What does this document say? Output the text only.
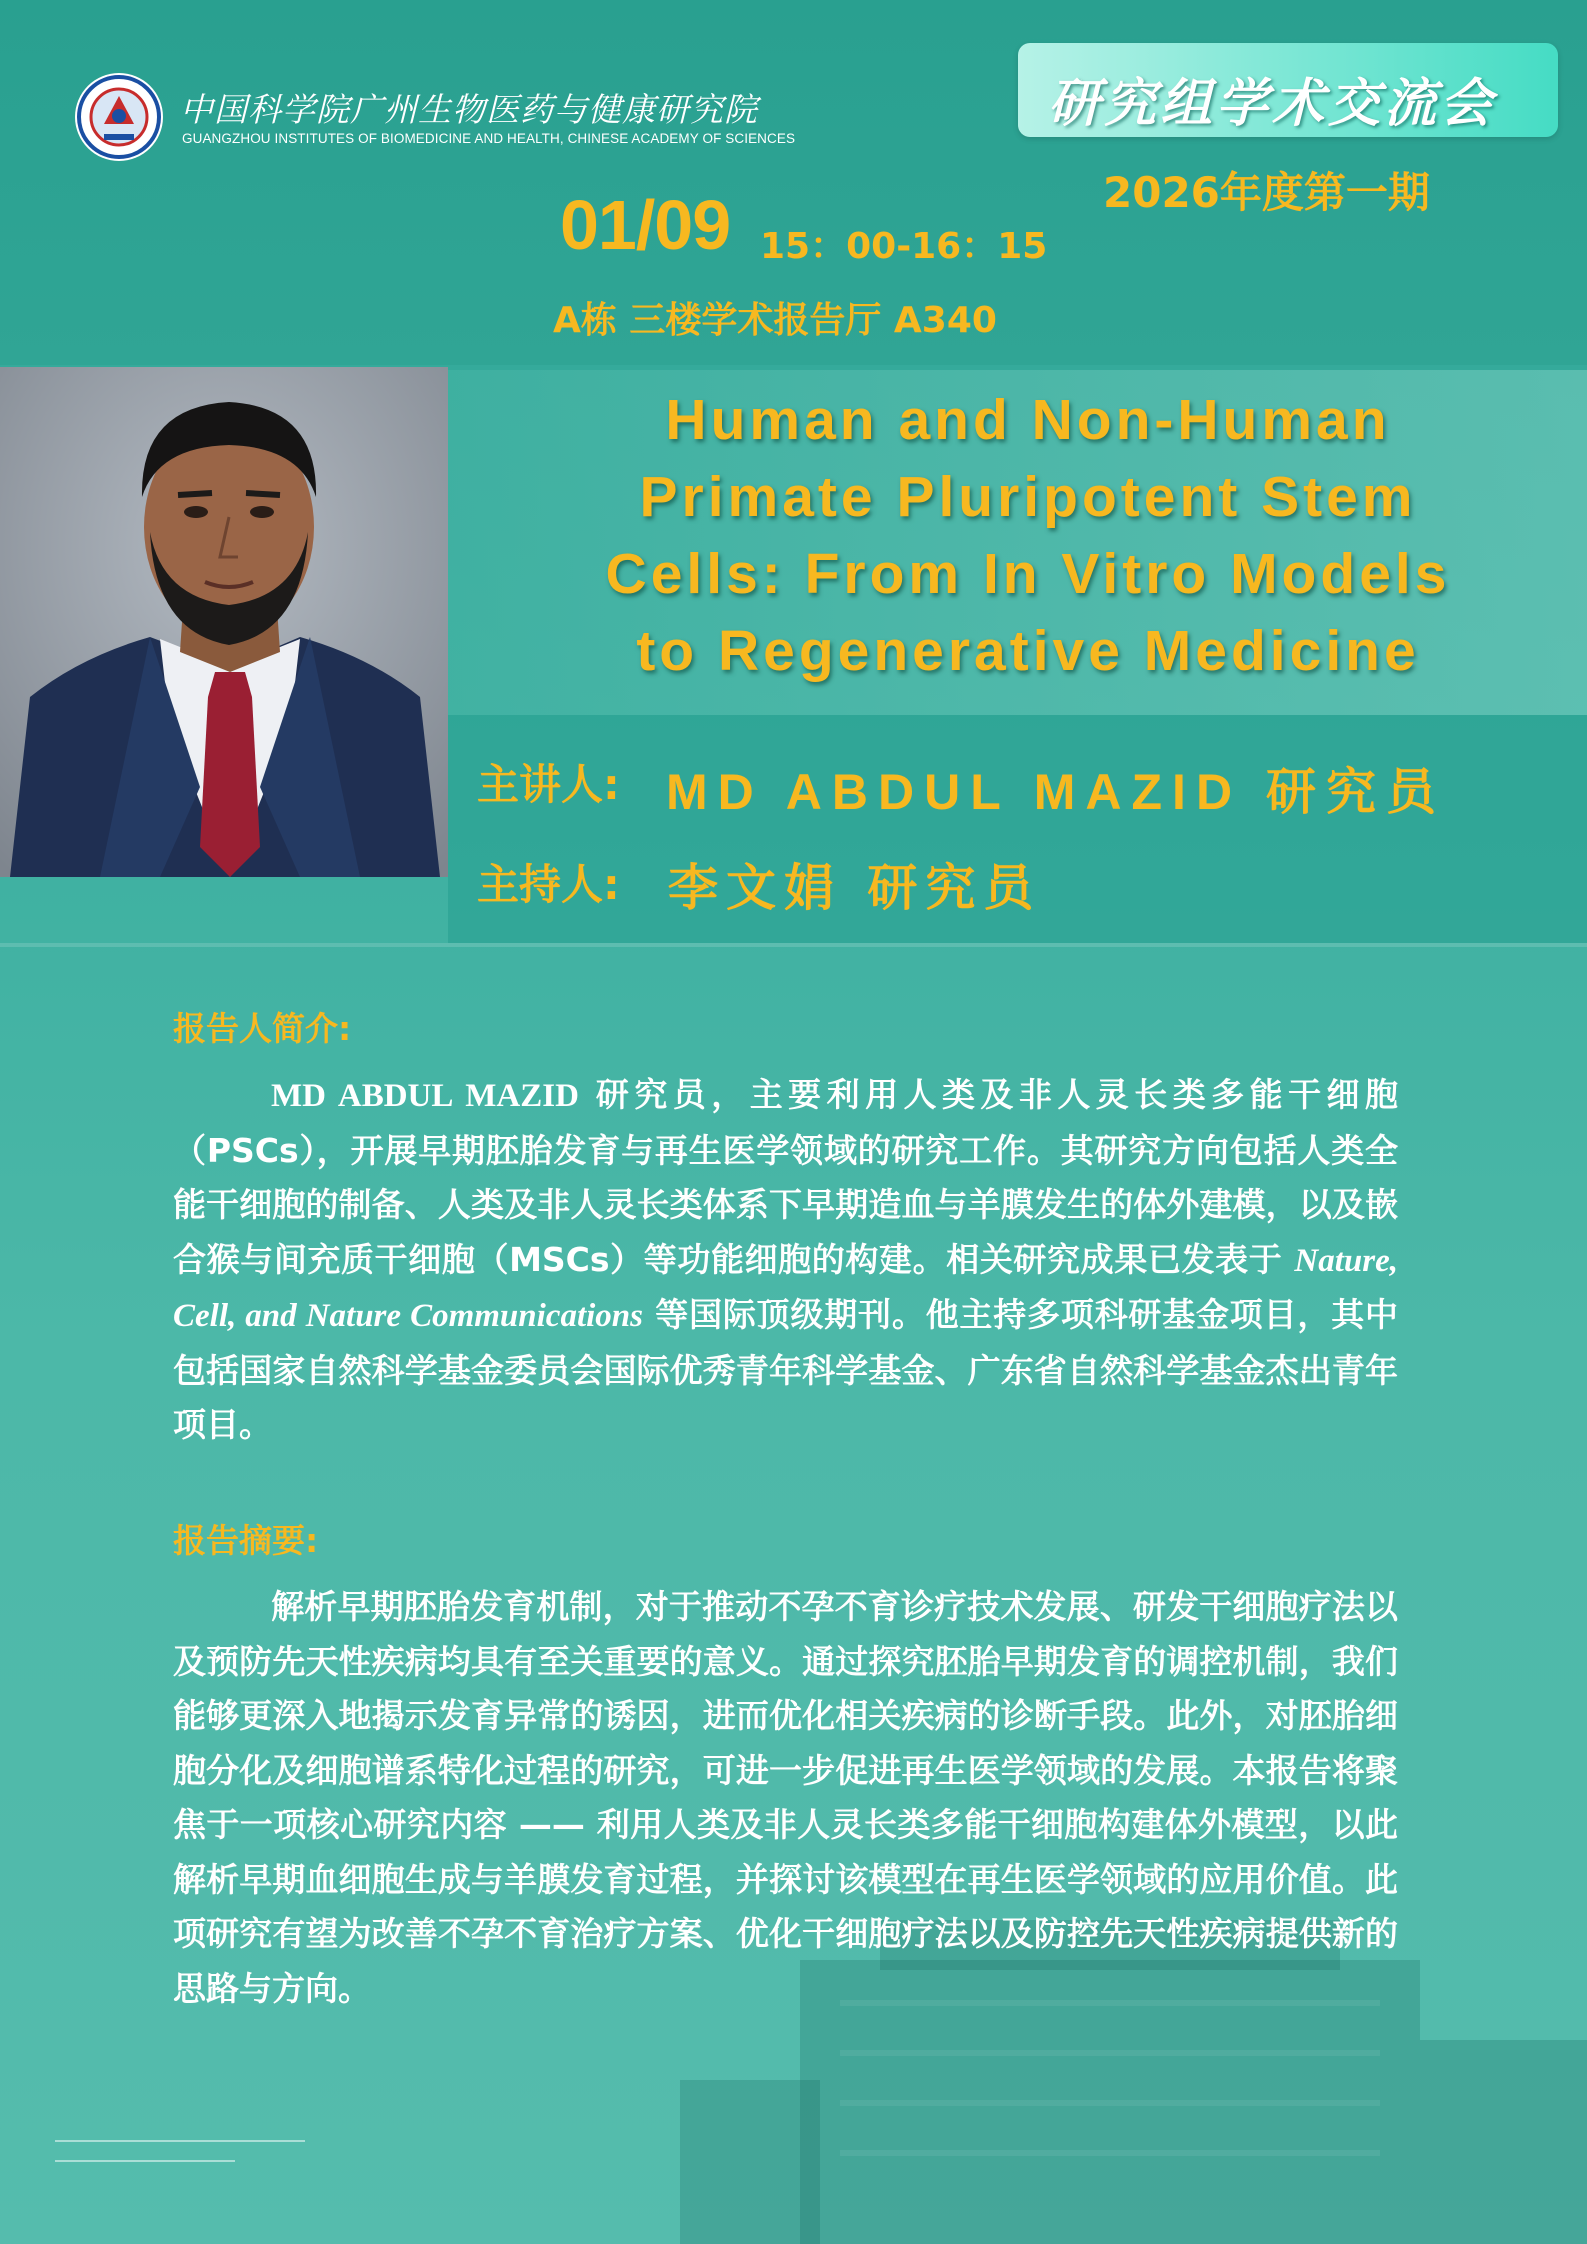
中国科学院广州生物医药与健康研究院
GUANGZHOU INSTITUTES OF BIOMEDICINE AND HEALTH, CHINESE ACADEMY OF SCIENCES
研究组学术交流会
2026年度第一期
01/09 15：00-16：15
A栋 三楼学术报告厅 A340
Human and Non-Human
Primate Pluripotent Stem
Cells: From In Vitro Models
to Regenerative Medicine
主讲人: MD ABDUL MAZID 研究员
主持人: 李文娟 研究员
报告人简介:

MD ABDUL MAZID 研究员，主要利用人类及非人灵长类多能干细胞（PSCs），开展早期胚胎发育与再生医学领域的研究工作。其研究方向包括人类全能干细胞的制备、人类及非人灵长类体系下早期造血与羊膜发生的体外建模，以及嵌合猴与间充质干细胞（MSCs）等功能细胞的构建。相关研究成果已发表于 Nature, Cell, and Nature Communications 等国际顶级期刊。他主持多项科研基金项目，其中包括国家自然科学基金委员会国际优秀青年科学基金、广东省自然科学基金杰出青年项目。

报告摘要:

解析早期胚胎发育机制，对于推动不孕不育诊疗技术发展、研发干细胞疗法以及预防先天性疾病均具有至关重要的意义。通过探究胚胎早期发育的调控机制，我们能够更深入地揭示发育异常的诱因，进而优化相关疾病的诊断手段。此外，对胚胎细胞分化及细胞谱系特化过程的研究，可进一步促进再生医学领域的发展。本报告将聚焦于一项核心研究内容 —— 利用人类及非人灵长类多能干细胞构建体外模型，以此解析早期血细胞生成与羊膜发育过程，并探讨该模型在再生医学领域的应用价值。此项研究有望为改善不孕不育治疗方案、优化干细胞疗法以及防控先天性疾病提供新的思路与方向。
